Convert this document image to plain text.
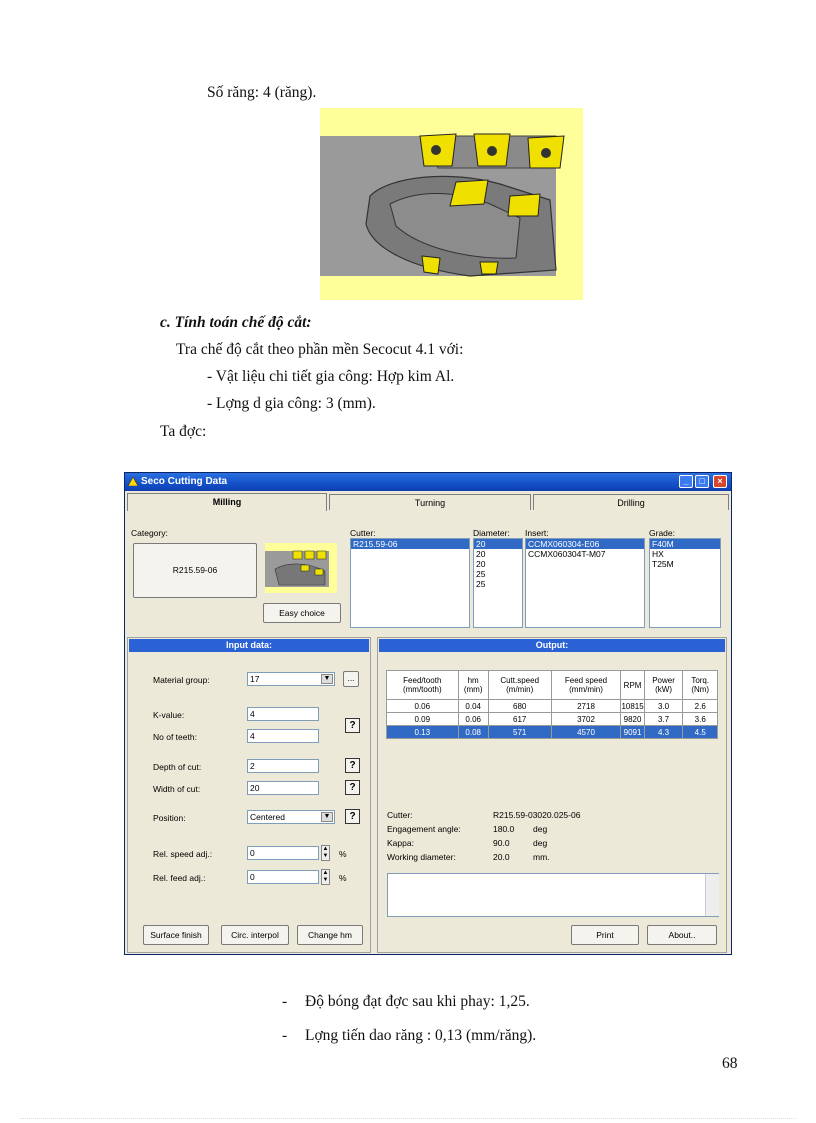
Số răng: 4 (răng).
c. Tính toán chế độ cắt:
Tra chế độ cắt theo phần mền Secocut 4.1 với:
- Vật liệu chi tiết gia công: Hợp kim Al.
- Lợng d gia công: 3 (mm).
Ta đợc:
Seco Cutting Data	_	□	×
Milling	Turning	Drilling
Category:
R215.59-06
Easy choice
Cutter:
R215.59-06
Diameter:
20
20
20
25
25
Insert:
CCMX060304-E06
CCMX060304T-M07
Grade:
F40M
HX
T25M
Input data:
Material group:	17	▼	...
K-value:	4
No of teeth:	4
?
Depth of cut:	2	?
Width of cut:	20	?
Position:	Centered	▼	?
Rel. speed adj.:	0	▲
▼ %
Rel. feed adj.:	0	▲
▼ %
Surface finish	Circ. interpol	Change hm
Output:
Feed/tooth (mm/tooth)	hm (mm)	Cutt.speed (m/min)	Feed speed (mm/min)	RPM	Power (kW)	Torq. (Nm)
0.06	0.04	680	2718	10815	3.0	2.6
0.09	0.06	617	3702	9820	3.7	3.6
0.13	0.08	571	4570	9091	4.3	4.5
Cutter:	R215.59-03020.025-06
Engagement angle:	180.0 deg
Kappa:	90.0	deg
Working diameter:	20.0	mm.
Print	About..
- Độ bóng đạt đợc sau khi phay: 1,25.
- Lợng tiến dao răng : 0,13 (mm/răng).
68
